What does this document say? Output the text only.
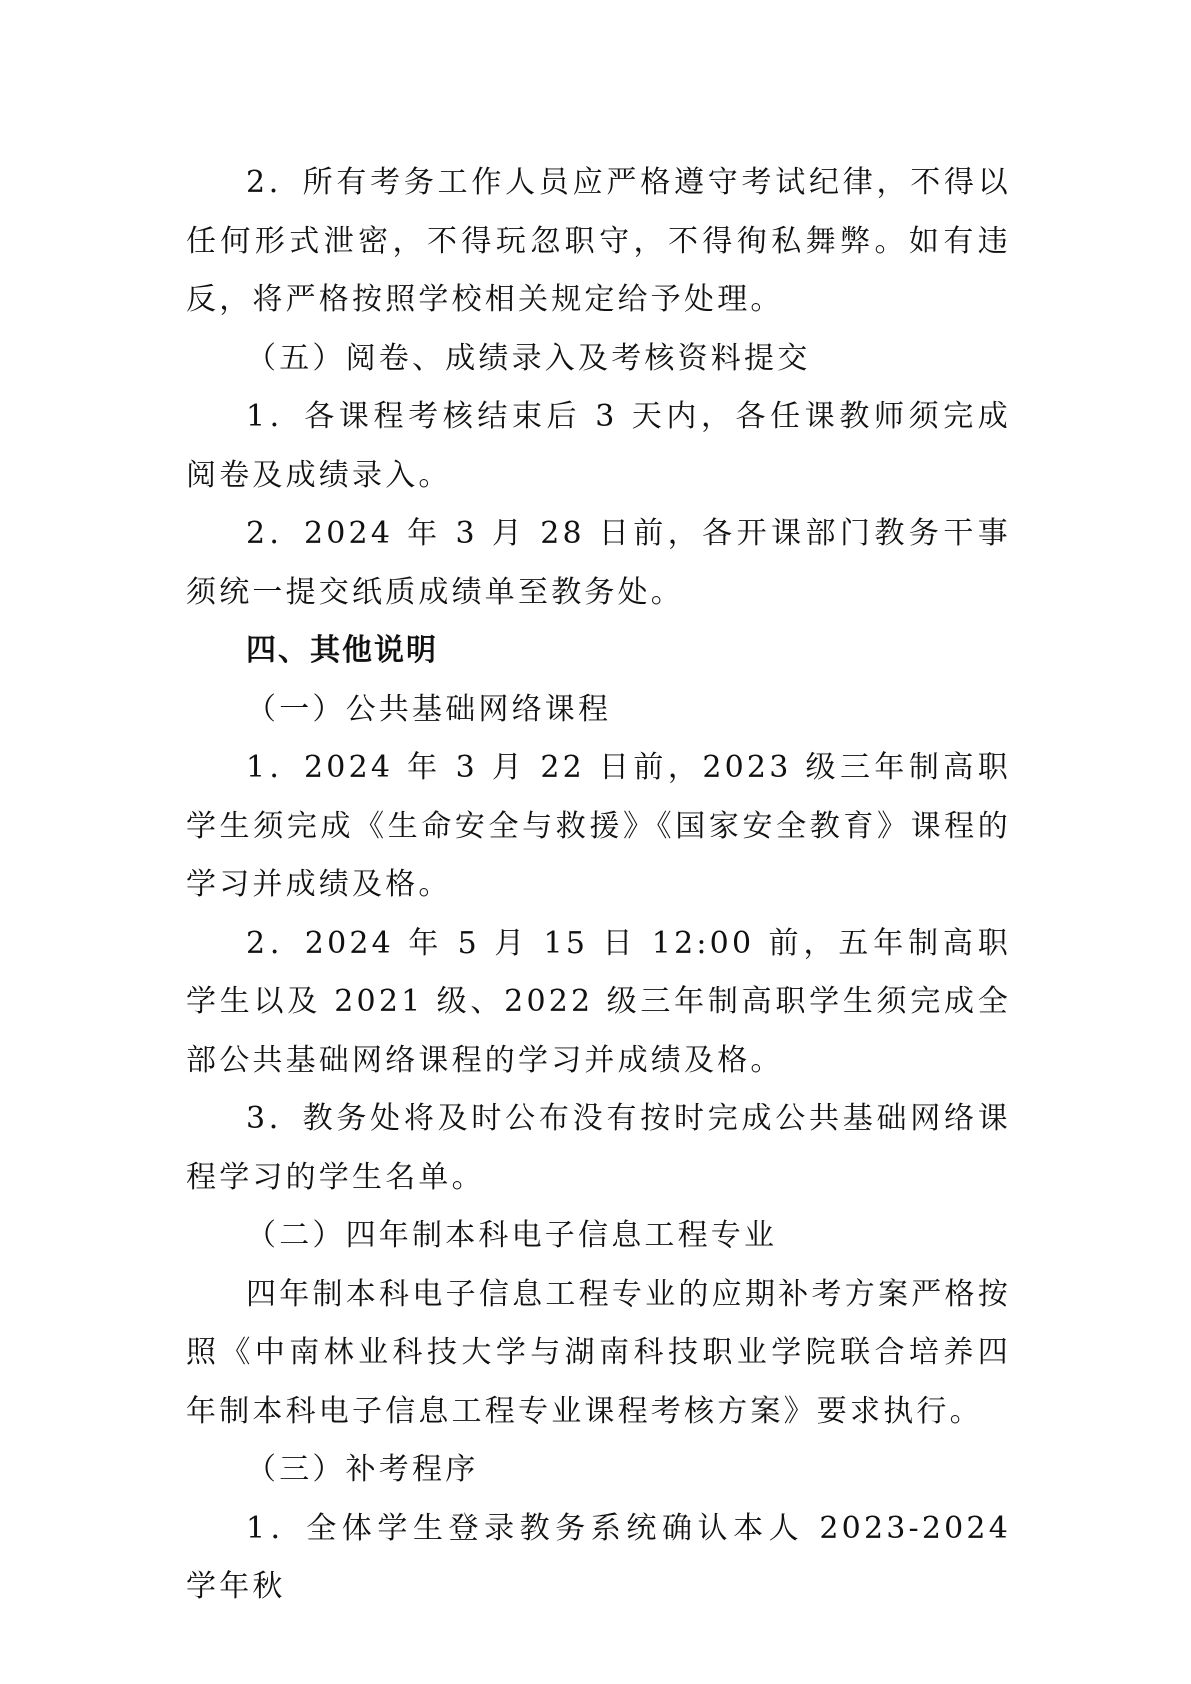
2．所有考务工作人员应严格遵守考试纪律，不得以任何形式泄密，不得玩忽职守，不得徇私舞弊。如有违反，将严格按照学校相关规定给予处理。

（五）阅卷、成绩录入及考核资料提交

1．各课程考核结束后 3 天内，各任课教师须完成阅卷及成绩录入。

2．2024 年 3 月 28 日前，各开课部门教务干事须统一提交纸质成绩单至教务处。

四、其他说明

（一）公共基础网络课程

1．2024 年 3 月 22 日前，2023 级三年制高职学生须完成《生命安全与救援》《国家安全教育》课程的学习并成绩及格。

2．2024 年 5 月 15 日 12:00 前，五年制高职学生以及 2021 级、2022 级三年制高职学生须完成全部公共基础网络课程的学习并成绩及格。

3．教务处将及时公布没有按时完成公共基础网络课程学习的学生名单。

（二）四年制本科电子信息工程专业

四年制本科电子信息工程专业的应期补考方案严格按照《中南林业科技大学与湖南科技职业学院联合培养四年制本科电子信息工程专业课程考核方案》要求执行。

（三）补考程序

1．全体学生登录教务系统确认本人 2023-2024 学年秋
